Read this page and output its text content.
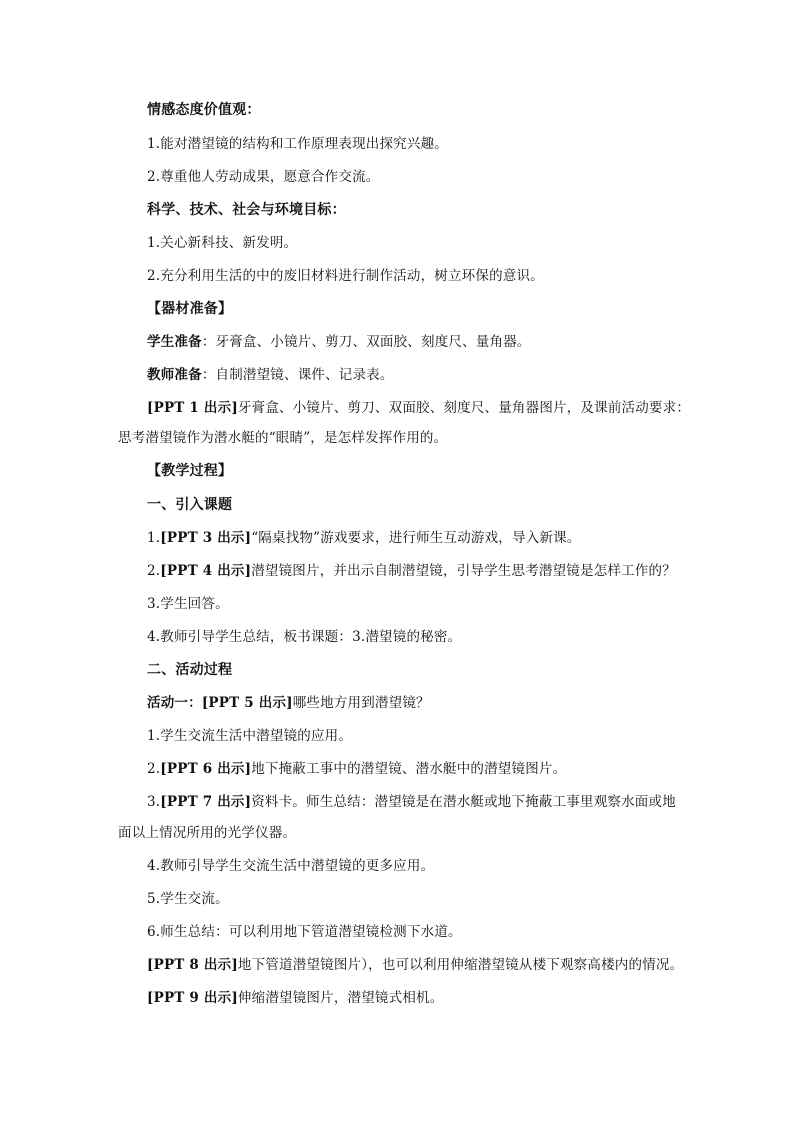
情感态度价值观：
1.能对潜望镜的结构和工作原理表现出探究兴趣。
2.尊重他人劳动成果，愿意合作交流。
科学、技术、社会与环境目标：
1.关心新科技、新发明。
2.充分利用生活的中的废旧材料进行制作活动，树立环保的意识。
【器材准备】
学生准备：牙膏盒、小镜片、剪刀、双面胶、刻度尺、量角器。
教师准备：自制潜望镜、课件、记录表。
[PPT 1 出示]牙膏盒、小镜片、剪刀、双面胶、刻度尺、量角器图片，及课前活动要求：
思考潜望镜作为潜水艇的“眼睛”，是怎样发挥作用的。
【教学过程】
一、引入课题
1.[PPT 3 出示]“隔桌找物”游戏要求，进行师生互动游戏，导入新课。
2.[PPT 4 出示]潜望镜图片，并出示自制潜望镜，引导学生思考潜望镜是怎样工作的？
3.学生回答。
4.教师引导学生总结，板书课题：3.潜望镜的秘密。
二、活动过程
活动一：[PPT 5 出示]哪些地方用到潜望镜？
1.学生交流生活中潜望镜的应用。
2.[PPT 6 出示]地下掩蔽工事中的潜望镜、潜水艇中的潜望镜图片。
3.[PPT 7 出示]资料卡。师生总结：潜望镜是在潜水艇或地下掩蔽工事里观察水面或地
面以上情况所用的光学仪器。
4.教师引导学生交流生活中潜望镜的更多应用。
5.学生交流。
6.师生总结：可以利用地下管道潜望镜检测下水道。
[PPT 8 出示]地下管道潜望镜图片），也可以利用伸缩潜望镜从楼下观察高楼内的情况。
[PPT 9 出示]伸缩潜望镜图片，潜望镜式相机。
